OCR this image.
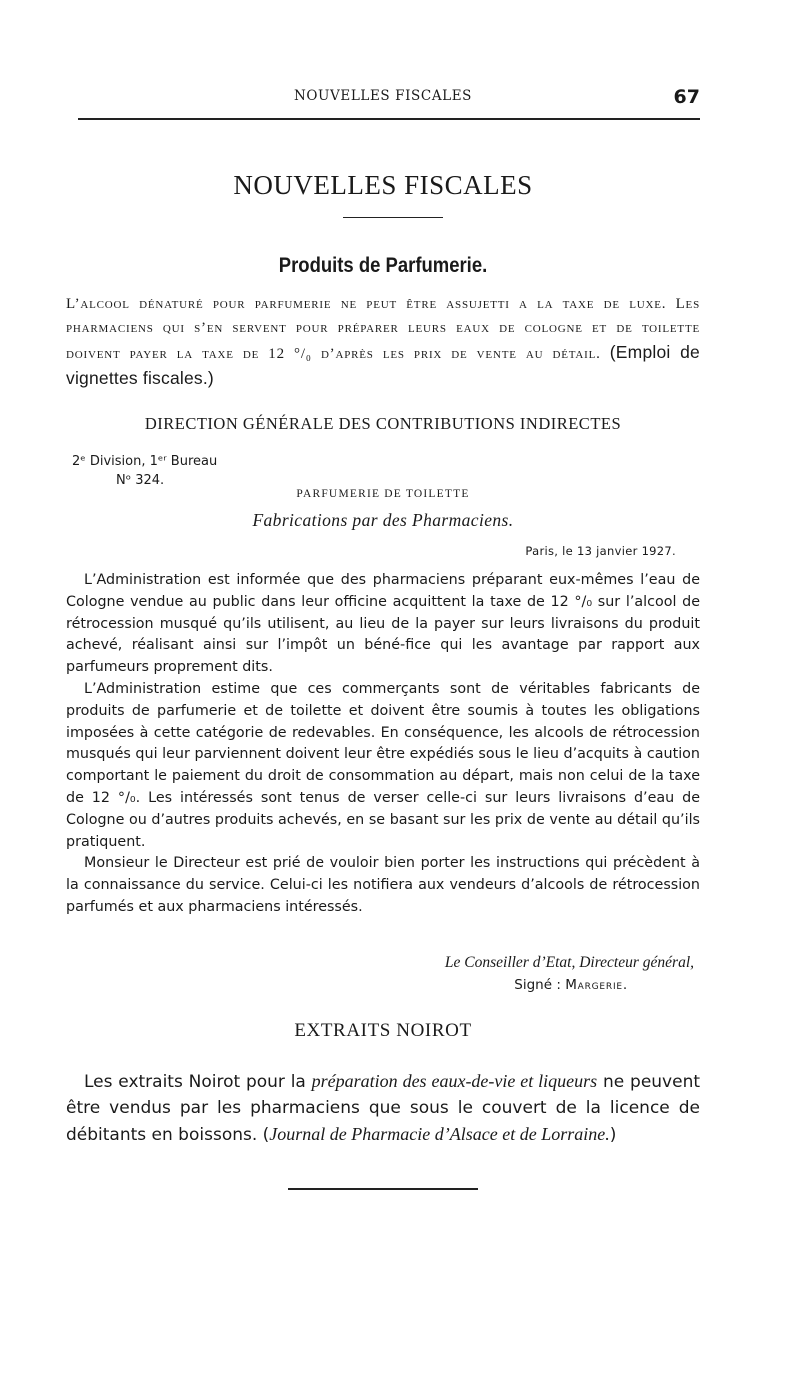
NOUVELLES FISCALES	67
NOUVELLES FISCALES
Produits de Parfumerie.
L’alcool dénaturé pour parfumerie ne peut être assujetti a la taxe de luxe. Les pharmaciens qui s’en servent pour préparer leurs eaux de cologne et de toilette doivent payer la taxe de 12 °/₀ d’après les prix de vente au détail. (Emploi de vignettes fiscales.)
DIRECTION GÉNÉRALE DES CONTRIBUTIONS INDIRECTES
2ᵉ Division, 1ᵉʳ Bureau
Nᵒ 324.
PARFUMERIE DE TOILETTE
Fabrications par des Pharmaciens.
Paris, le 13 janvier 1927.

L’Administration est informée que des pharmaciens préparant eux-mêmes l’eau de Cologne vendue au public dans leur officine acquittent la taxe de 12 °/₀ sur l’alcool de rétrocession musqué qu’ils utilisent, au lieu de la payer sur leurs livraisons du produit achevé, réalisant ainsi sur l’impôt un béné-fice qui les avantage par rapport aux parfumeurs proprement dits.

L’Administration estime que ces commerçants sont de véritables fabricants de produits de parfumerie et de toilette et doivent être soumis à toutes les obligations imposées à cette catégorie de redevables. En conséquence, les alcools de rétrocession musqués qui leur parviennent doivent leur être expédiés sous le lieu d’acquits à caution comportant le paiement du droit de consommation au départ, mais non celui de la taxe de 12 °/₀. Les intéressés sont tenus de verser celle-ci sur leurs livraisons d’eau de Cologne ou d’autres produits achevés, en se basant sur les prix de vente au détail qu’ils pratiquent.

Monsieur le Directeur est prié de vouloir bien porter les instructions qui précèdent à la connaissance du service. Celui-ci les notifiera aux vendeurs d’alcools de rétrocession parfumés et aux pharmaciens intéressés.

Le Conseiller d’Etat, Directeur général,
Signé : Margerie.
EXTRAITS NOIROT

Les extraits Noirot pour la préparation des eaux-de-vie et liqueurs ne peuvent être vendus par les pharmaciens que sous le couvert de la licence de débitants en boissons. (Journal de Pharmacie d’Alsace et de Lorraine.)
